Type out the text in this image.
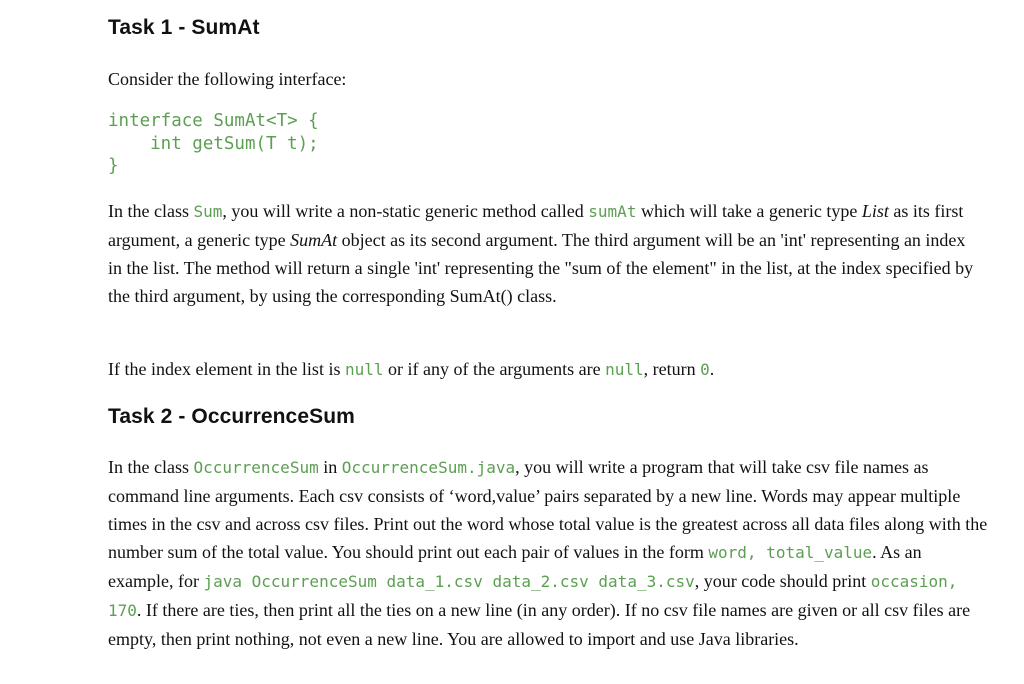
Task 1 - SumAt

Consider the following interface:

interface SumAt<T> {
int getSum(T t);
}

In the class Sum, you will write a non-static generic method called sumAt which will take a generic type List as its first argument, a generic type SumAt object as its second argument. The third argument will be an 'int' representing an index in the list. The method will return a single 'int' representing the "sum of the element" in the list, at the index specified by the third argument, by using the corresponding SumAt() class.

If the index element in the list is null or if any of the arguments are null, return 0.

Task 2 - OccurrenceSum

In the class OccurrenceSum in OccurrenceSum.java, you will write a program that will take csv file names as command line arguments. Each csv consists of ‘word,value’ pairs separated by a new line. Words may appear multiple times in the csv and across csv files. Print out the word whose total value is the greatest across all data files along with the number sum of the total value. You should print out each pair of values in the form word, total_value. As an example, for java OccurrenceSum data_1.csv data_2.csv data_3.csv, your code should print occasion, 170. If there are ties, then print all the ties on a new line (in any order). If no csv file names are given or all csv files are empty, then print nothing, not even a new line. You are allowed to import and use Java libraries.
